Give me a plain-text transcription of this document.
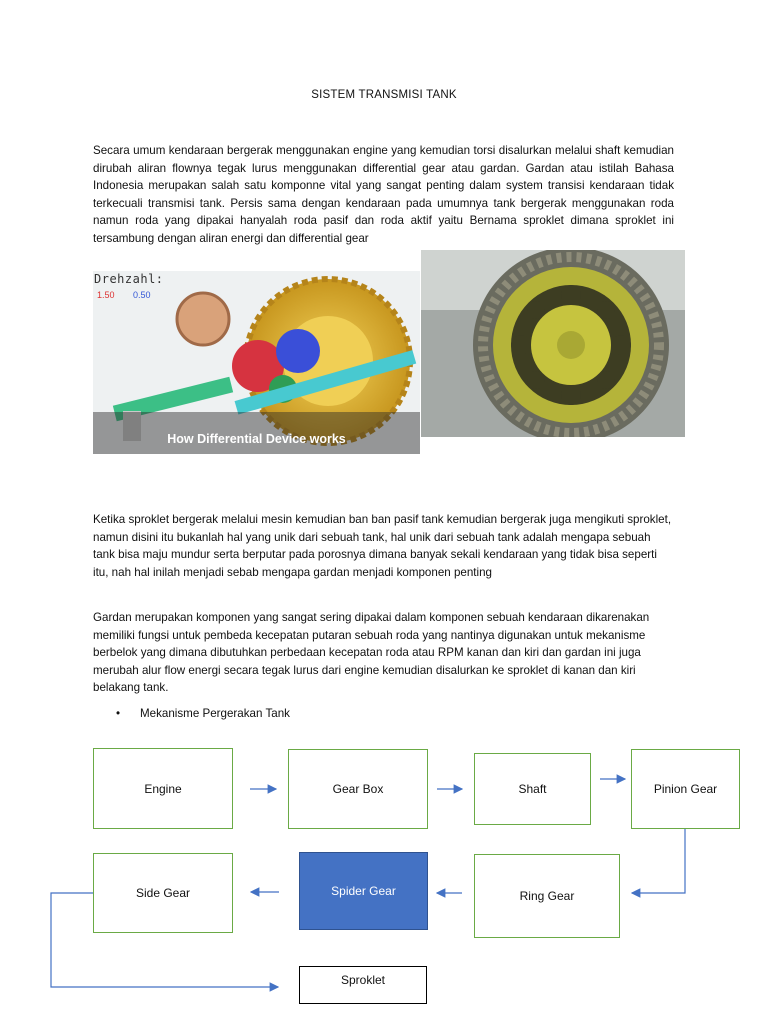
SISTEM TRANSMISI TANK
Secara umum kendaraan bergerak menggunakan engine yang kemudian torsi disalurkan melalui shaft kemudian dirubah aliran flownya tegak lurus menggunakan differential gear atau gardan. Gardan atau istilah Bahasa Indonesia merupakan salah satu komponne vital yang sangat penting dalam system transisi kendaraan tidak terkecuali transmisi tank. Persis sama dengan kendaraan pada umumnya tank bergerak menggunakan roda namun roda yang dipakai hanyalah roda pasif dan roda aktif yaitu Bernama sproklet dimana sproklet ini tersambung dengan aliran energi dan differential gear
Drehzahl:
1.50 0.50
How Differential Device works
Ketika sproklet bergerak melalui mesin kemudian ban ban pasif tank kemudian bergerak juga mengikuti sproklet, namun disini itu bukanlah hal yang unik dari sebuah tank, hal unik dari sebuah tank adalah mengapa sebuah tank bisa maju mundur serta berputar pada porosnya dimana banyak sekali kendaraan yang tidak bisa seperti itu, nah hal inilah menjadi sebab mengapa gardan menjadi komponen penting
Gardan merupakan komponen yang sangat sering dipakai dalam komponen sebuah kendaraan dikarenakan memiliki fungsi untuk pembeda kecepatan putaran sebuah roda yang nantinya digunakan untuk mekanisme berbelok yang dimana dibutuhkan perbedaan kecepatan roda atau RPM kanan dan kiri dan gardan ini juga merubah alur flow energi secara tegak lurus dari engine kemudian disalurkan ke sproklet di kanan dan kiri belakang tank.
• Mekanisme Pergerakan Tank
Engine	Gear Box	Shaft	Pinion Gear
Ring Gear
Spider Gear
Side Gear
Sproklet
